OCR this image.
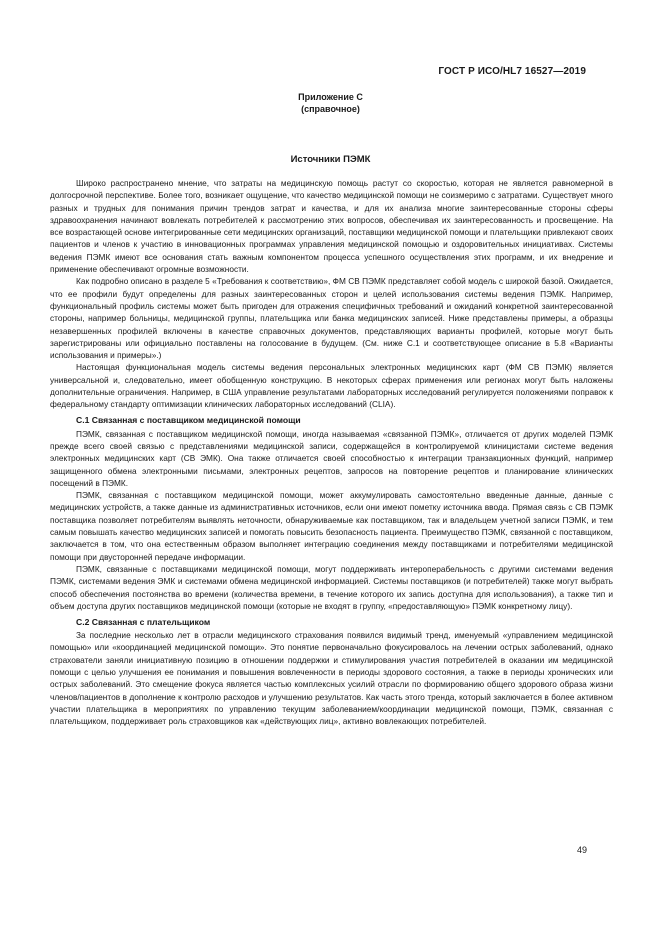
ГОСТ Р ИСО/HL7 16527—2019
Приложение С
(справочное)
Источники ПЭМК

Широко распространено мнение, что затраты на медицинскую помощь растут со скоростью, которая не является равномерной в долгосрочной перспективе. Более того, возникает ощущение, что качество медицинской помощи не соизмеримо с затратами. Существует много разных и трудных для понимания причин трендов затрат и качества, и для их анализа многие заинтересованные стороны сферы здравоохранения начинают вовлекать потребителей к рассмотрению этих вопросов, обеспечивая их заинтересованность и просвещение. На все возрастающей основе интегрированные сети медицинских организаций, поставщики медицинской помощи и плательщики привлекают своих пациентов и членов к участию в инновационных программах управления медицинской помощью и оздоровительных инициативах. Системы ведения ПЭМК имеют все основания стать важным компонентом процесса успешного осуществления этих программ, и их внедрение и применение обеспечивают огромные возможности.

Как подробно описано в разделе 5 «Требования к соответствию», ФМ СВ ПЭМК представляет собой модель с широкой базой. Ожидается, что ее профили будут определены для разных заинтересованных сторон и целей использования системы ведения ПЭМК. Например, функциональный профиль системы может быть пригоден для отражения специфичных требований и ожиданий конкретной заинтересованной стороны, например больницы, медицинской группы, плательщика или банка медицинских записей. Ниже представлены примеры, а образцы незавершенных профилей включены в качестве справочных документов, представляющих варианты профилей, которые могут быть зарегистрированы или официально поставлены на голосование в будущем. (См. ниже С.1 и соответствующее описание в 5.8 «Варианты использования и примеры».)

Настоящая функциональная модель системы ведения персональных электронных медицинских карт (ФМ СВ ПЭМК) является универсальной и, следовательно, имеет обобщенную конструкцию. В некоторых сферах применения или регионах могут быть наложены дополнительные ограничения. Например, в США управление результатами лабораторных исследований регулируется положениями поправок к федеральному стандарту оптимизации клинических лабораторных исследований (CLIA).

С.1 Связанная с поставщиком медицинской помощи

ПЭМК, связанная с поставщиком медицинской помощи, иногда называемая «связанной ПЭМК», отличается от других моделей ПЭМК прежде всего своей связью с представлениями медицинской записи, содержащейся в контролируемой клиницистами системе ведения электронных медицинских карт (СВ ЭМК). Она также отличается своей способностью к интеграции транзакционных функций, например защищенного обмена электронными письмами, электронных рецептов, запросов на повторение рецептов и планирование клинических посещений в ПЭМК.

ПЭМК, связанная с поставщиком медицинской помощи, может аккумулировать самостоятельно введенные данные, данные с медицинских устройств, а также данные из административных источников, если они имеют пометку источника ввода. Прямая связь с СВ ПЭМК поставщика позволяет потребителям выявлять неточности, обнаруживаемые как поставщиком, так и владельцем учетной записи ПЭМК, и тем самым повышать качество медицинских записей и помогать повысить безопасность пациента. Преимущество ПЭМК, связанной с поставщиком, заключается в том, что она естественным образом выполняет интеграцию соединения между поставщиками и потребителями медицинской помощи при двусторонней передаче информации.

ПЭМК, связанные с поставщиками медицинской помощи, могут поддерживать интероперабельность с другими системами ведения ПЭМК, системами ведения ЭМК и системами обмена медицинской информацией. Системы поставщиков (и потребителей) также могут выбрать способ обеспечения постоянства во времени (количества времени, в течение которого их запись доступна для использования), а также тип и объем доступа других поставщиков медицинской помощи (которые не входят в группу, «предоставляющую» ПЭМК конкретному лицу).

С.2 Связанная с плательщиком

За последние несколько лет в отрасли медицинского страхования появился видимый тренд, именуемый «управлением медицинской помощью» или «координацией медицинской помощи». Это понятие первоначально фокусировалось на лечении острых заболеваний, однако страхователи заняли инициативную позицию в отношении поддержки и стимулирования участия потребителей в оказании им медицинской помощи с целью улучшения ее понимания и повышения вовлеченности в периоды здорового состояния, а также в периоды хронических или острых заболеваний. Это смещение фокуса является частью комплексных усилий отрасли по формированию общего здорового образа жизни членов/пациентов в дополнение к контролю расходов и улучшению результатов. Как часть этого тренда, который заключается в более активном участии плательщика в мероприятиях по управлению текущим заболеванием/координации медицинской помощи, ПЭМК, связанная с плательщиком, поддерживает роль страховщиков как «действующих лиц», активно вовлекающих потребителей.

49
